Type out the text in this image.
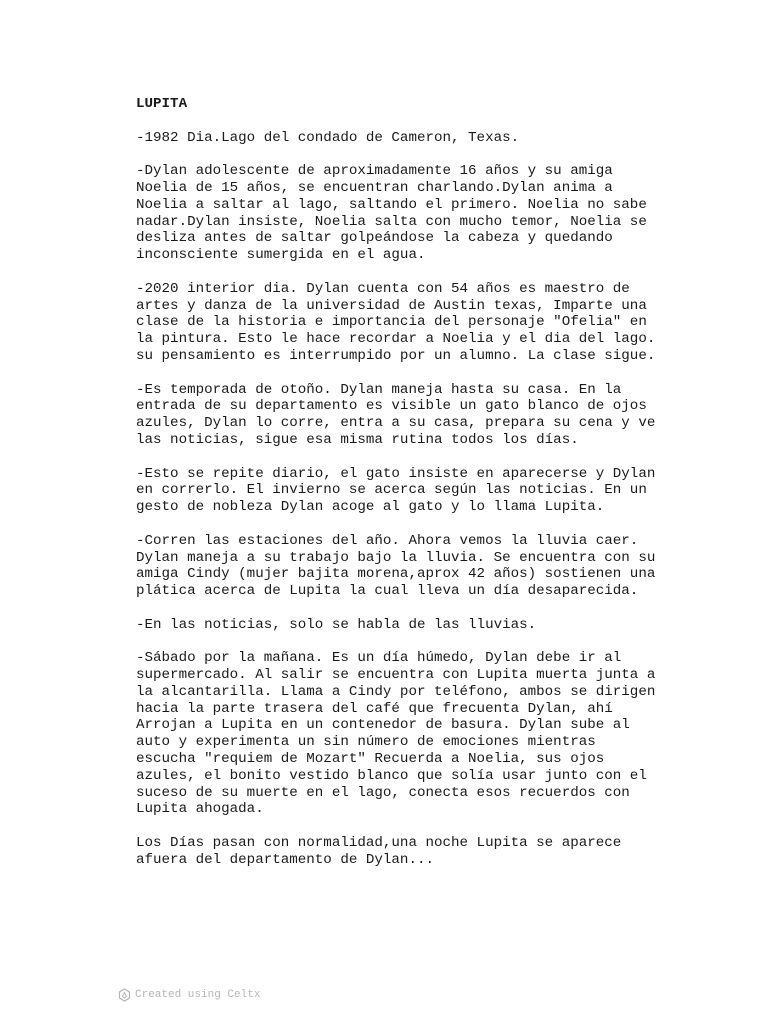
LUPITA
-1982 Dia.Lago del condado de Cameron, Texas.
-Dylan adolescente de aproximadamente 16 años y su amiga
Noelia de 15 años, se encuentran charlando.Dylan anima a
Noelia a saltar al lago, saltando el primero. Noelia no sabe
nadar.Dylan insiste, Noelia salta con mucho temor, Noelia se
desliza antes de saltar golpeándose la cabeza y quedando
inconsciente sumergida en el agua.
-2020 interior dia. Dylan cuenta con 54 años es maestro de
artes y danza de la universidad de Austin texas, Imparte una
clase de la historia e importancia del personaje "Ofelia" en
la pintura. Esto le hace recordar a Noelia y el dia del lago.
su pensamiento es interrumpido por un alumno. La clase sigue.
-Es temporada de otoño. Dylan maneja hasta su casa. En la
entrada de su departamento es visible un gato blanco de ojos
azules, Dylan lo corre, entra a su casa, prepara su cena y ve
las noticias, sigue esa misma rutina todos los días.
-Esto se repite diario, el gato insiste en aparecerse y Dylan
en correrlo. El invierno se acerca según las noticias. En un
gesto de nobleza Dylan acoge al gato y lo llama Lupita.
-Corren las estaciones del año. Ahora vemos la lluvia caer.
Dylan maneja a su trabajo bajo la lluvia. Se encuentra con su
amiga Cindy (mujer bajita morena,aprox 42 años) sostienen una
plática acerca de Lupita la cual lleva un día desaparecida.
-En las noticias, solo se habla de las lluvias.
-Sábado por la mañana. Es un día húmedo, Dylan debe ir al
supermercado. Al salir se encuentra con Lupita muerta junta a
la alcantarilla. Llama a Cindy por teléfono, ambos se dirigen
hacia la parte trasera del café que frecuenta Dylan, ahí
Arrojan a Lupita en un contenedor de basura. Dylan sube al
auto y experimenta un sin número de emociones mientras
escucha "requiem de Mozart" Recuerda a Noelia, sus ojos
azules, el bonito vestido blanco que solía usar junto con el
suceso de su muerte en el lago, conecta esos recuerdos con
Lupita ahogada.
Los Días pasan con normalidad,una noche Lupita se aparece
afuera del departamento de Dylan...
Created using Celtx
